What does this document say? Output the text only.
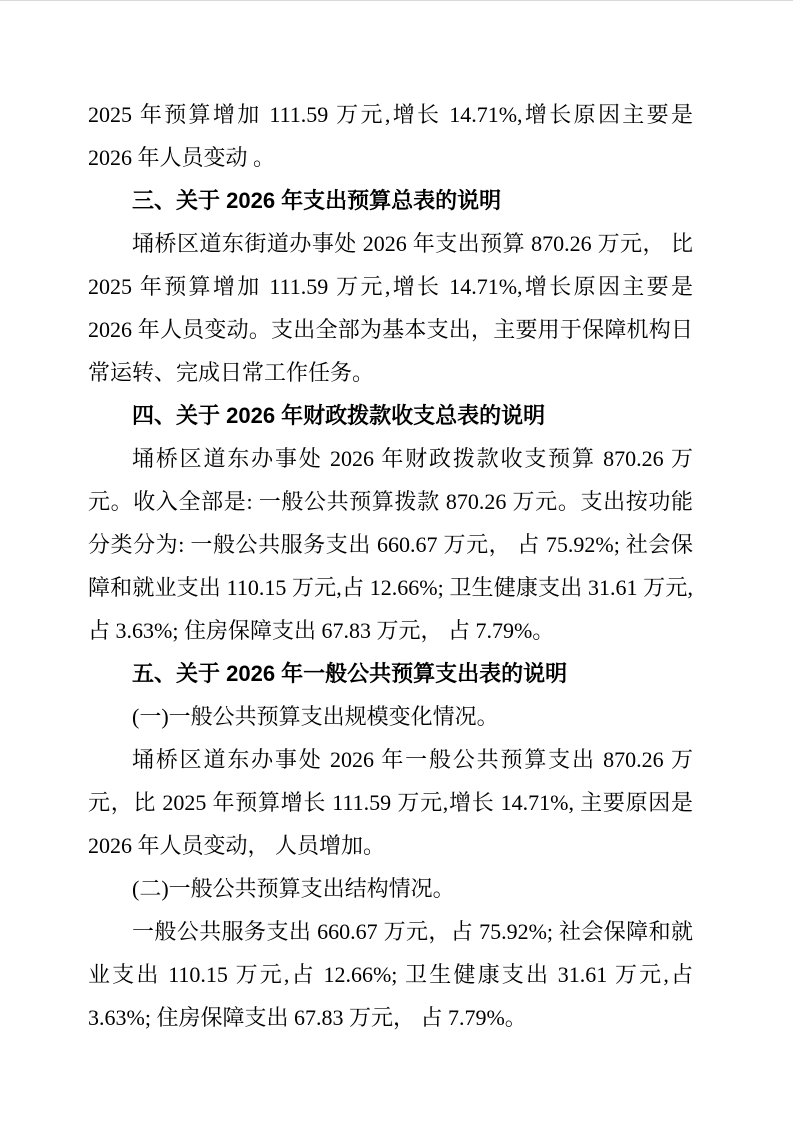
2025 年预算增加 111.59 万元,增长 14.71%,增长原因主要是 2026 年人员变动 。

三、关于 2026 年支出预算总表的说明

埇桥区道东街道办事处 2026 年支出预算 870.26 万元， 比 2025 年预算增加 111.59 万元,增长 14.71%,增长原因主要是 2026 年人员变动。支出全部为基本支出，主要用于保障机构日常运转、完成日常工作任务。

四、关于 2026 年财政拨款收支总表的说明

埇桥区道东办事处 2026 年财政拨款收支预算 870.26 万元。收入全部是: 一般公共预算拨款 870.26 万元。支出按功能分类分为: 一般公共服务支出 660.67 万元， 占 75.92%; 社会保障和就业支出 110.15 万元,占 12.66%; 卫生健康支出 31.61 万元,占 3.63%; 住房保障支出 67.83 万元， 占 7.79%。

五、关于 2026 年一般公共预算支出表的说明

(一)一般公共预算支出规模变化情况。

埇桥区道东办事处 2026 年一般公共预算支出 870.26 万元，比 2025 年预算增长 111.59 万元,增长 14.71%, 主要原因是 2026 年人员变动， 人员增加。

(二)一般公共预算支出结构情况。

一般公共服务支出 660.67 万元，占 75.92%; 社会保障和就业支出 110.15 万元,占 12.66%; 卫生健康支出 31.61 万元,占 3.63%; 住房保障支出 67.83 万元， 占 7.79%。
